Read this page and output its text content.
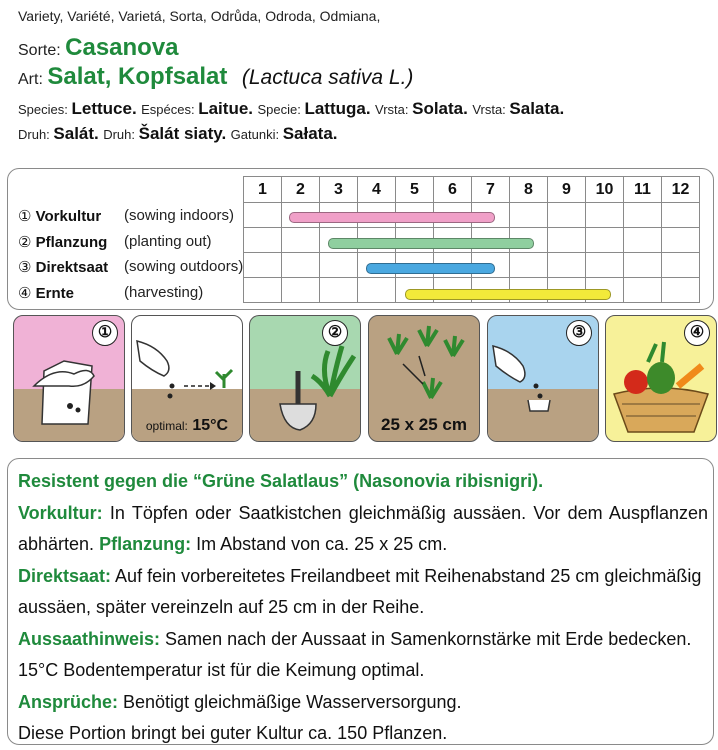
Variety, Variété, Varietá, Sorta, Odrůda, Odroda, Odmiana,
Sorte: Casanova
Art: Salat, Kopfsalat (Lactuca sativa L.)
Species: Lettuce. Espéces: Laitue. Specie: Lattuga. Vrsta: Solata. Vrsta: Salata.
Druh: Salát. Druh: Šalát siaty. Gatunki: Sałata.
1	2	3	4	5	6	7	8	9	10	11	12

① Vorkultur (sowing indoors)
② Pflanzung (planting out)
③ Direktsaat (sowing outdoors)
④ Ernte	(harvesting)
①
optimal: 15°C
②
25 x 25 cm
③	④

Resistent gegen die “Grüne Salatlaus” (Nasonovia ribisnigri).

Vorkultur: In Töpfen oder Saatkistchen gleichmäßig aussäen. Vor dem Auspflanzen abhärten. Pflanzung: Im Abstand von ca. 25 x 25 cm.

Direktsaat: Auf fein vorbereitetes Freilandbeet mit Reihenabstand 25 cm gleichmäßig aussäen, später vereinzeln auf 25 cm in der Reihe.

Aussaathinweis: Samen nach der Aussaat in Samenkornstärke mit Erde bedecken. 15°C Bodentemperatur ist für die Keimung optimal.

Ansprüche: Benötigt gleichmäßige Wasserversorgung.

Diese Portion bringt bei guter Kultur ca. 150 Pflanzen.
